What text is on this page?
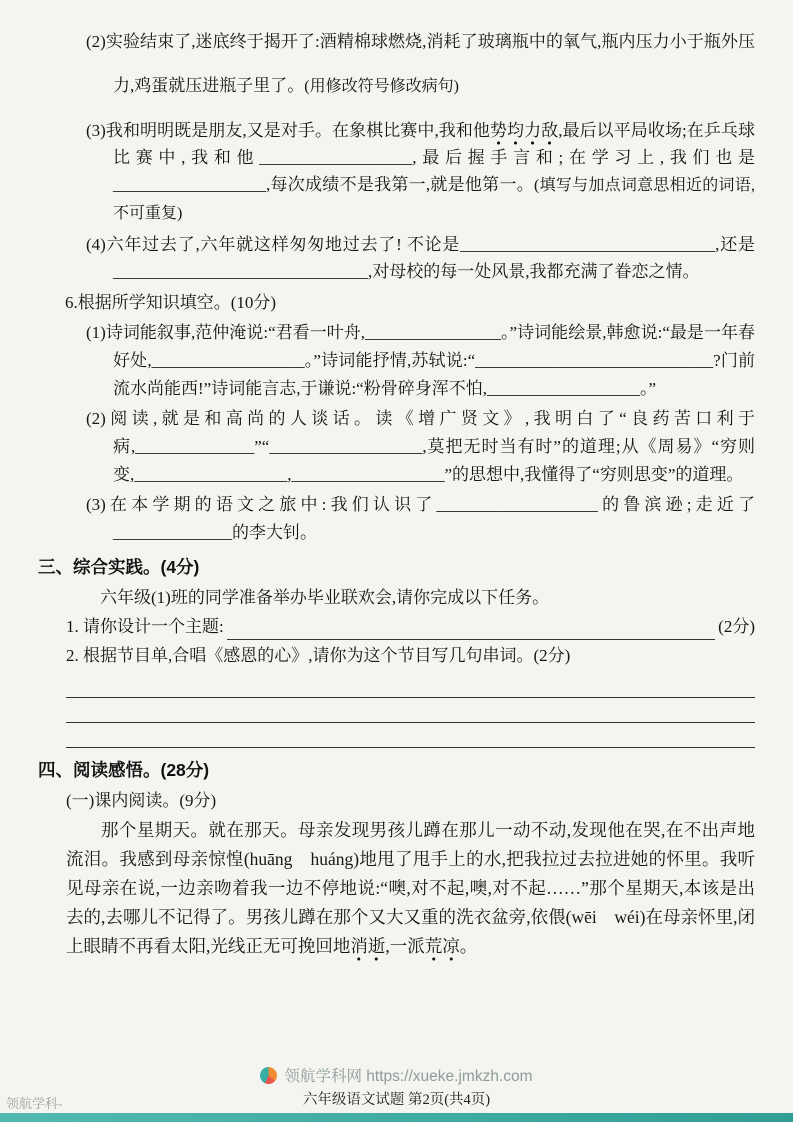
(2)实验结束了,迷底终于揭开了:酒精棉球燃烧,消耗了玻璃瓶中的氧气,瓶内压力小于瓶外压力,鸡蛋就压进瓶子里了。(用修改符号修改病句)

(3)我和明明既是朋友,又是对手。在象棋比赛中,我和他势均力敌,最后以平局收场;在乒乓球比赛中,我和他__________________,最后握手言和;在学习上,我们也是__________________,每次成绩不是我第一,就是他第一。(填写与加点词意思相近的词语,不可重复)

(4)六年过去了,六年就这样匆匆地过去了! 不论是______________________________,还是______________________________,对母校的每一处风景,我都充满了眷恋之情。

6.根据所学知识填空。(10分)

(1)诗词能叙事,范仲淹说:“君看一叶舟,________________。”诗词能绘景,韩愈说:“最是一年春好处,__________________。”诗词能抒情,苏轼说:“____________________________?门前流水尚能西!”诗词能言志,于谦说:“粉骨碎身浑不怕,__________________。”

(2)阅读,就是和高尚的人谈话。读《增广贤文》,我明白了“良药苦口利于病,______________”“__________________,莫把无时当有时”的道理;从《周易》“穷则变,__________________,__________________”的思想中,我懂得了“穷则思变”的道理。

(3)在本学期的语文之旅中:我们认识了___________________的鲁滨逊;走近了______________的李大钊。

三、综合实践。(4分)

六年级(1)班的同学准备举办毕业联欢会,请你完成以下任务。

1. 请你设计一个主题:	(2分)

2. 根据节目单,合唱《感恩的心》,请你为这个节目写几句串词。(2分)

四、阅读感悟。(28分)

(一)课内阅读。(9分)

那个星期天。就在那天。母亲发现男孩儿蹲在那儿一动不动,发现他在哭,在不出声地流泪。我感到母亲惊惶(huāng　huáng)地甩了甩手上的水,把我拉过去拉进她的怀里。我听见母亲在说,一边亲吻着我一边不停地说:“噢,对不起,噢,对不起……”那个星期天,本该是出去的,去哪儿不记得了。男孩儿蹲在那个又大又重的洗衣盆旁,依偎(wēi　wéi)在母亲怀里,闭上眼睛不再看太阳,光线正无可挽回地消逝,一派荒凉。

领航学科网 https://xueke.jmkzh.com
六年级语文试题 第2页(共4页)
领航学科-
